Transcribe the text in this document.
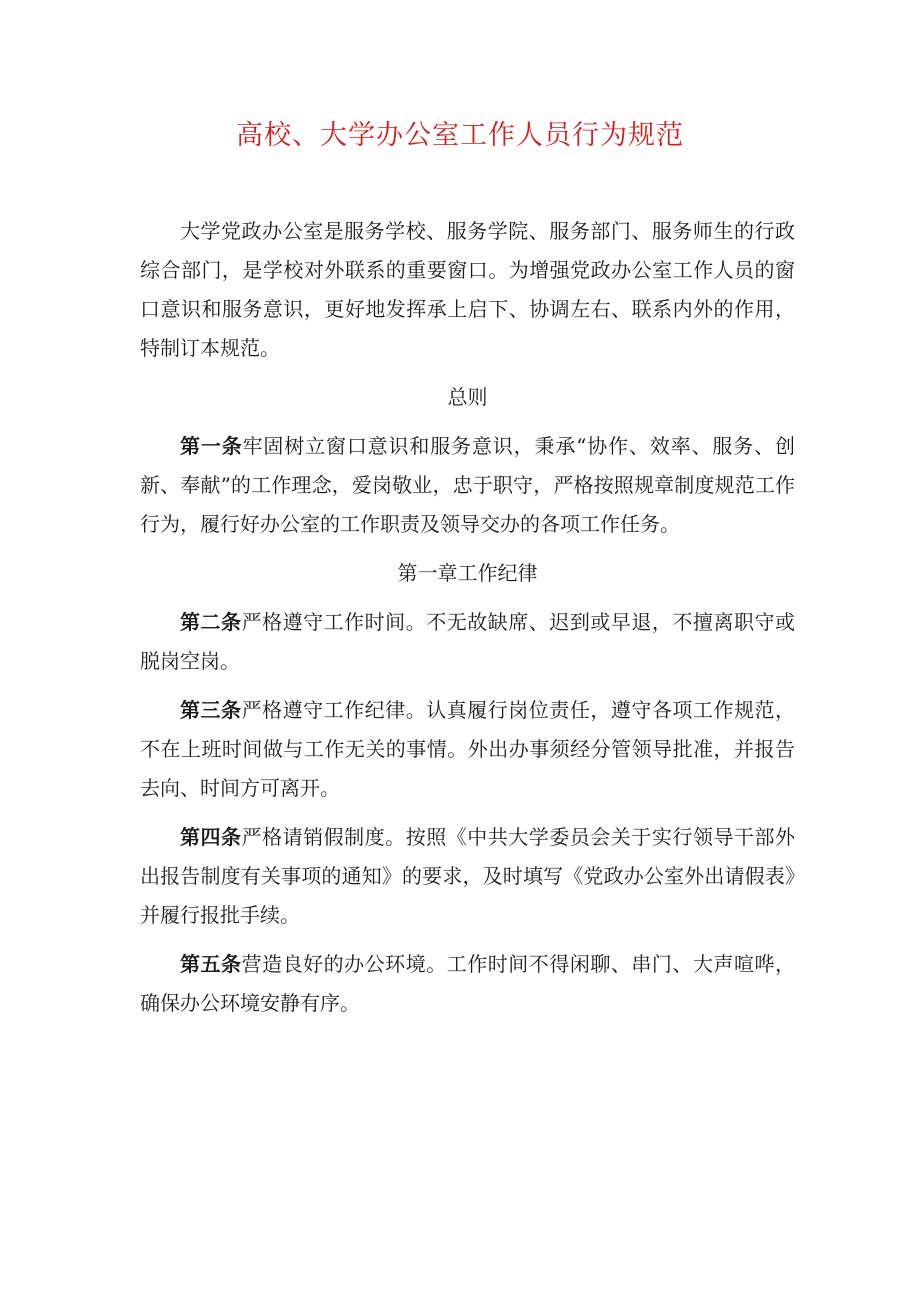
高校、大学办公室工作人员行为规范

大学党政办公室是服务学校、服务学院、服务部门、服务师生的行政综合部门，是学校对外联系的重要窗口。为增强党政办公室工作人员的窗口意识和服务意识，更好地发挥承上启下、协调左右、联系内外的作用，特制订本规范。

总则

第一条牢固树立窗口意识和服务意识，秉承“协作、效率、服务、创新、奉献”的工作理念，爱岗敬业，忠于职守，严格按照规章制度规范工作行为，履行好办公室的工作职责及领导交办的各项工作任务。

第一章工作纪律

第二条严格遵守工作时间。不无故缺席、迟到或早退，不擅离职守或脱岗空岗。

第三条严格遵守工作纪律。认真履行岗位责任，遵守各项工作规范，不在上班时间做与工作无关的事情。外出办事须经分管领导批准，并报告去向、时间方可离开。

第四条严格请销假制度。按照《中共大学委员会关于实行领导干部外出报告制度有关事项的通知》的要求，及时填写《党政办公室外出请假表》并履行报批手续。

第五条营造良好的办公环境。工作时间不得闲聊、串门、大声喧哗，确保办公环境安静有序。
